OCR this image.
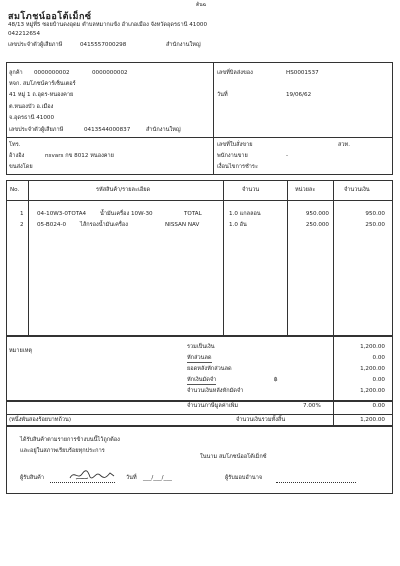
ต้นฉ
สมโภชน์ออโต้เม็กซ์
48/13 หมู่ที่5 ซอยบ้านดงอุดม ตำบลหมากแข้ง อำเภอเมือง จังหวัดอุดรธานี 41000
042212654
เลขประจำตัวผู้เสียภาษี	0415557000298	สำนักงานใหญ่
ลูกค้า 0000000002	0000000002
หจก. สมโภชน์คาร์เซ็นเตอร์
41 หมู่ 1 ถ.อุดร-หนองคาย
ต.หนองบัว อ.เมือง
จ.อุดรธานี 41000
เลขประจำตัวผู้เสียภาษี	0413544000837	สำนักงานใหญ่
โทร.
อ้างอิง	nsvars กข 8012 หนองคาย
ขนส่งโดย
เลขที่บิลส่งของ	HS0001537
วันที่	19/06/62
เลขที่ใบสั่งขาย	สวท.
พนักงานขาย	-
เงื่อนไขการชำระ
No.	รหัสสินค้า/รายละเอียด	จำนวน	หน่วยละ	จำนวนเงิน
1 04-10W3-0TOTA4 น้ำมันเครื่อง 10W-30	TOTAL	1.0 แกลลอน	950.000	950.00
2 05-B024-0 ไส้กรองน้ำมันเครื่อง	NISSAN NAV	1.0 อัน	250.000	250.00
หมายเหตุ
รวมเป็นเงิน	1,200.00
หักส่วนลด	0.00
ยอดหลังหักส่วนลด	1,200.00
หักเงินมัดจำ	฿	0.00
จำนวนเงินหลังหักมัดจำ	1,200.00
จำนวนภาษีมูลค่าเพิ่ม	7.00%	0.00
(หนึ่งพันสองร้อยบาทถ้วน)	จำนวนเงินรวมทั้งสิ้น	1,200.00
ได้รับสินค้าตามรายการข้างบนนี้ไว้ถูกต้อง
และอยู่ในสภาพเรียบร้อยทุกประการ
ในนาม สมโภชน์ออโต้เม็กซ์
ผู้รับสินค้า	วันที่ ___/___/___	ผู้รับมอบอำนาจ
